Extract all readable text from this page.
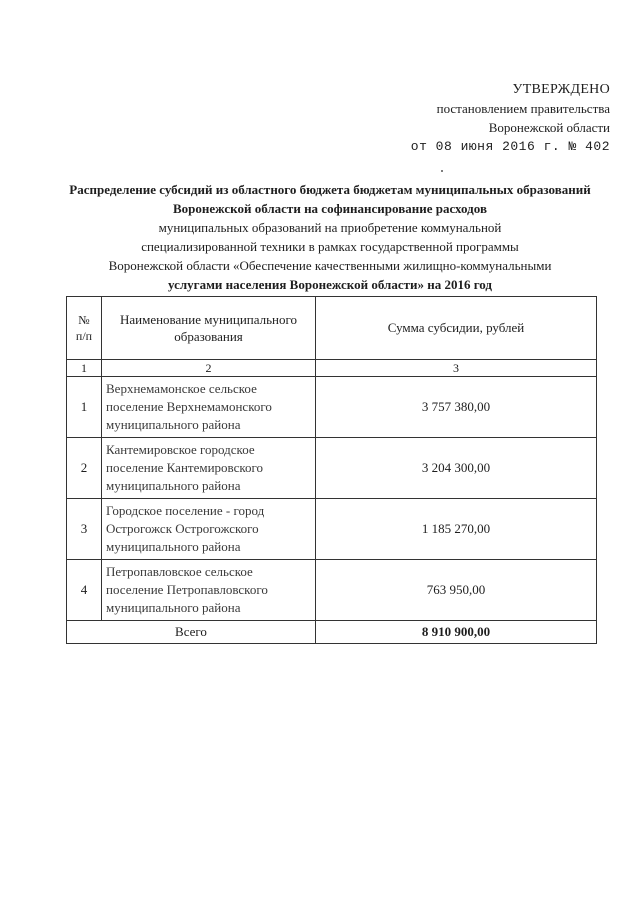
УТВЕРЖДЕНО
постановлением правительства
Воронежской области
от 08 июня 2016 г. № 402
Распределение субсидий из областного бюджета бюджетам муниципальных образований Воронежской области на софинансирование расходов
муниципальных образований на приобретение коммунальной
специализированной техники в рамках государственной программы
Воронежской области «Обеспечение качественными жилищно-коммунальными
услугами населения Воронежской области» на 2016 год
№
п/п	Наименование муниципального образования	Сумма субсидии, рублей
1	2	3
1	Верхнемамонское сельское поселение Верхнемамонского муниципального района	3 757 380,00
2	Кантемировское городское поселение Кантемировского муниципального района	3 204 300,00
3	Городское поселение - город Острогожск Острогожского муниципального района	1 185 270,00
4	Петропавловское сельское поселение Петропавловского муниципального района	763 950,00
Всего		8 910 900,00
